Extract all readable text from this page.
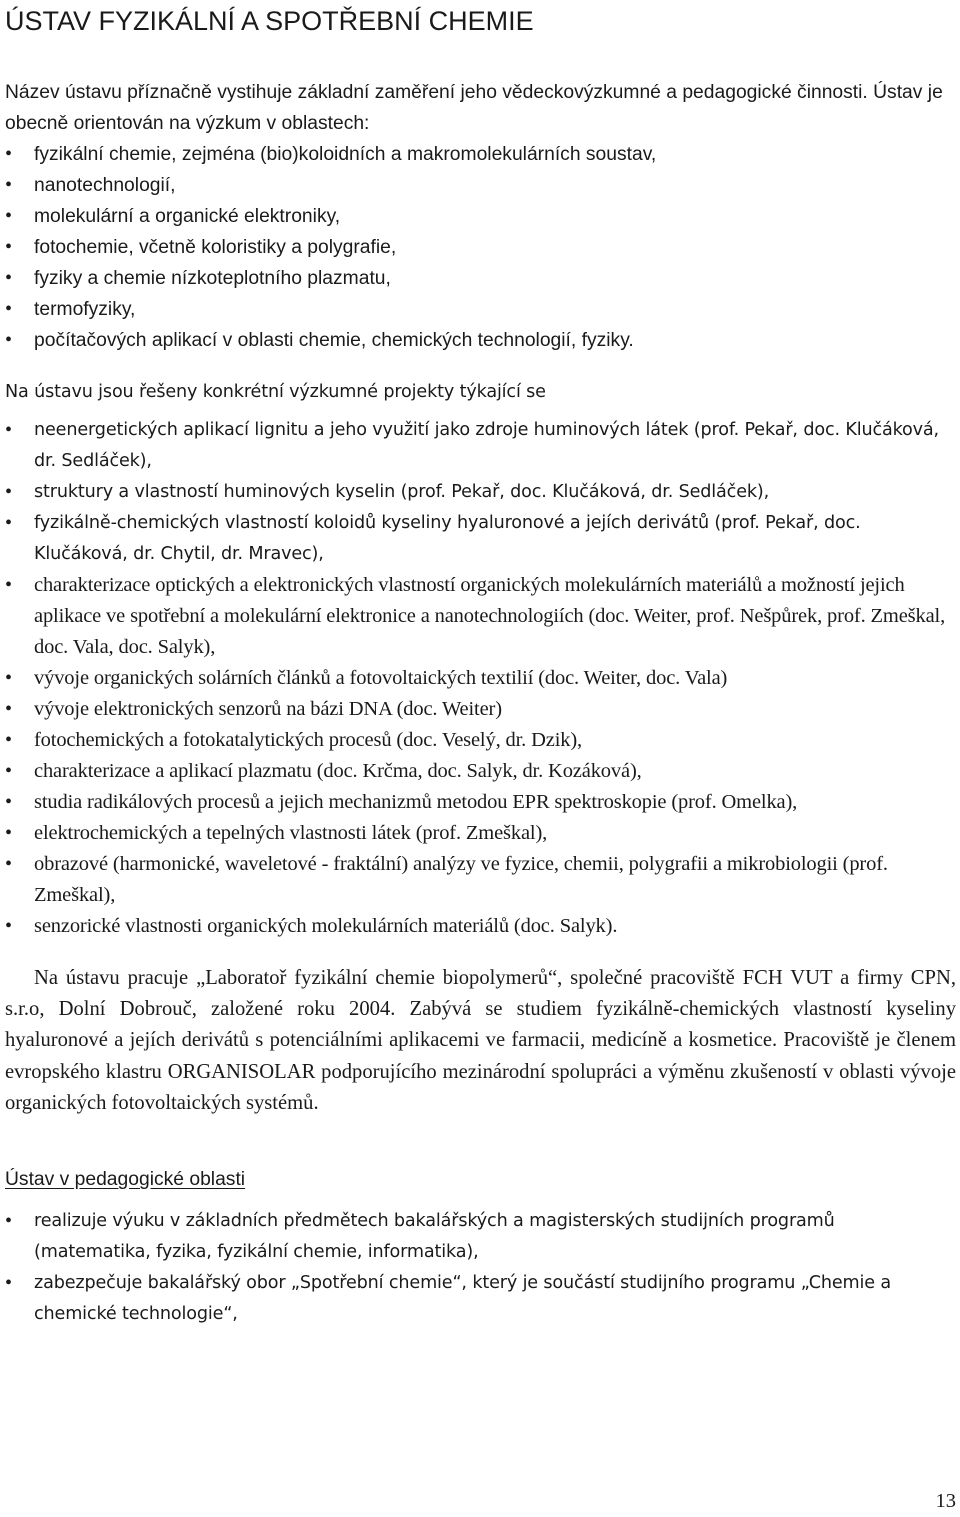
ÚSTAV FYZIKÁLNÍ A SPOTŘEBNÍ CHEMIE

Název ústavu příznačně vystihuje základní zaměření jeho vědeckovýzkumné a pedagogické činnosti. Ústav je obecně orientován na výzkum v oblastech:

• fyzikální chemie, zejména (bio)koloidních a makromolekulárních soustav,
• nanotechnologií,
• molekulární a organické elektroniky,
• fotochemie, včetně koloristiky a polygrafie,
• fyziky a chemie nízkoteplotního plazmatu,
• termofyziky,
• počítačových aplikací v oblasti chemie, chemických technologií, fyziky.

Na ústavu jsou řešeny konkrétní výzkumné projekty týkající se

• neenergetických aplikací lignitu a jeho využití jako zdroje huminových látek (prof. Pekař, doc. Klučáková, dr. Sedláček),
• struktury a vlastností huminových kyselin (prof. Pekař, doc. Klučáková, dr. Sedláček),
• fyzikálně-chemických vlastností koloidů kyseliny hyaluronové a jejích derivátů (prof. Pekař, doc. Klučáková, dr. Chytil, dr. Mravec),
• charakterizace optických a elektronických vlastností organických molekulárních materiálů a možností jejich aplikace ve spotřební a molekulární elektronice a nanotechnologiích (doc. Weiter, prof. Nešpůrek, prof. Zmeškal, doc. Vala, doc. Salyk),
• vývoje organických solárních článků a fotovoltaických textilií (doc. Weiter, doc. Vala)
• vývoje elektronických senzorů na bázi DNA (doc. Weiter)
• fotochemických a fotokatalytických procesů (doc. Veselý, dr. Dzik),
• charakterizace a aplikací plazmatu (doc. Krčma, doc. Salyk, dr. Kozáková),
• studia radikálových procesů a jejich mechanizmů metodou EPR spektroskopie (prof. Omelka),
• elektrochemických a tepelných vlastnosti látek (prof. Zmeškal),
• obrazové (harmonické, waveletové - fraktální) analýzy ve fyzice, chemii, polygrafii a mikrobiologii (prof. Zmeškal),
• senzorické vlastnosti organických molekulárních materiálů (doc. Salyk).

Na ústavu pracuje „Laboratoř fyzikální chemie biopolymerů“, společné pracoviště FCH VUT a firmy CPN, s.r.o, Dolní Dobrouč, založené roku 2004. Zabývá se studiem fyzikálně-chemických vlastností kyseliny hyaluronové a jejích derivátů s potenciálními aplikacemi ve farmacii, medicíně a kosmetice. Pracoviště je členem evropského klastru ORGANISOLAR podporujícího mezinárodní spolupráci a výměnu zkušeností v oblasti vývoje organických fotovoltaických systémů.

Ústav v pedagogické oblasti
• realizuje výuku v základních předmětech bakalářských a magisterských studijních programů (matematika, fyzika, fyzikální chemie, informatika),
• zabezpečuje bakalářský obor „Spotřební chemie“, který je součástí studijního programu „Chemie a chemické technologie“,
13
